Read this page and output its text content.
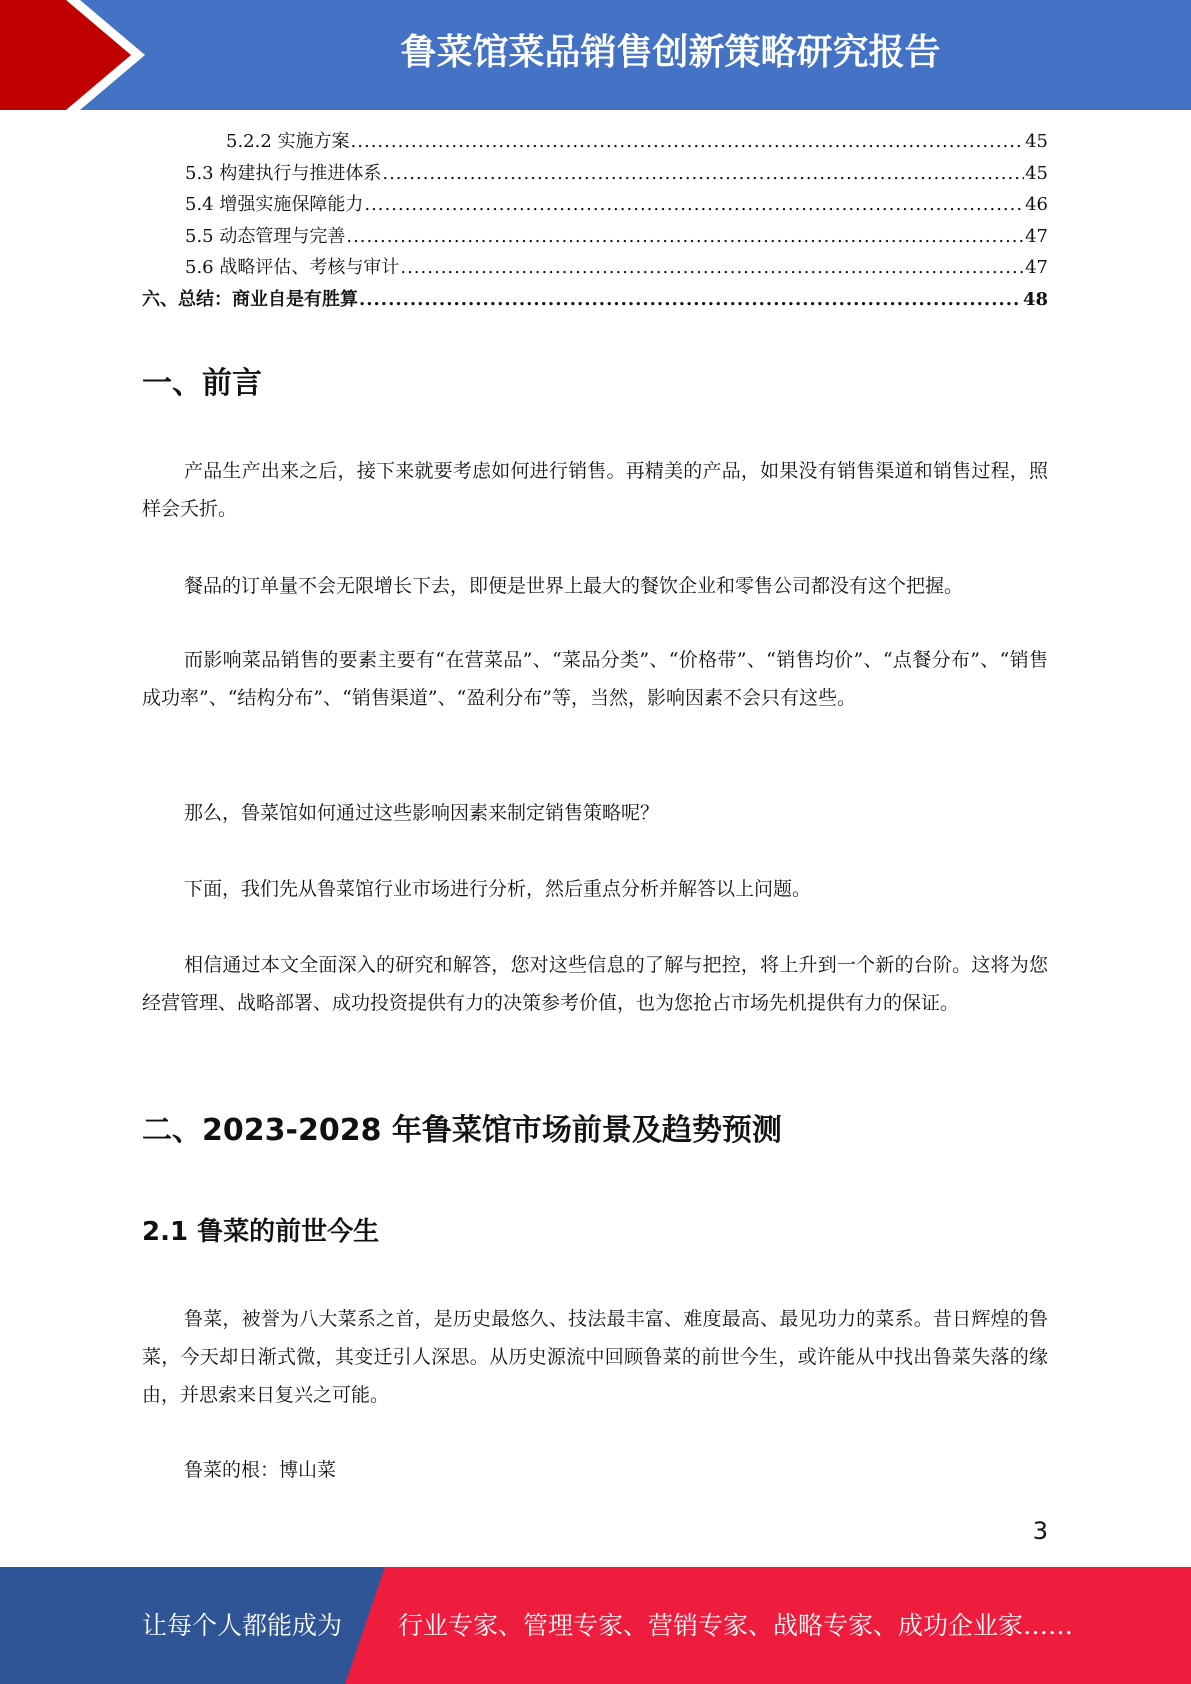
鲁菜馆菜品销售创新策略研究报告
5.2.2 实施方案 .....	45
5.3 构建执行与推进体系 .....	45
5.4 增强实施保障能力 .....	46
5.5 动态管理与完善 .....	47
5.6 战略评估、考核与审计 .....	47
六、总结：商业自是有胜算 .....	48
一、前言

产品生产出来之后，接下来就要考虑如何进行销售。再精美的产品，如果没有销售渠道和销售过程，照样会夭折。

餐品的订单量不会无限增长下去，即便是世界上最大的餐饮企业和零售公司都没有这个把握。

而影响菜品销售的要素主要有“在营菜品”、“菜品分类”、“价格带”、“销售均价”、“点餐分布”、“销售成功率”、“结构分布”、“销售渠道”、“盈利分布”等，当然，影响因素不会只有这些。

那么，鲁菜馆如何通过这些影响因素来制定销售策略呢？

下面，我们先从鲁菜馆行业市场进行分析，然后重点分析并解答以上问题。

相信通过本文全面深入的研究和解答，您对这些信息的了解与把控，将上升到一个新的台阶。这将为您经营管理、战略部署、成功投资提供有力的决策参考价值，也为您抢占市场先机提供有力的保证。

二、2023-2028 年鲁菜馆市场前景及趋势预测
2.1 鲁菜的前世今生

鲁菜，被誉为八大菜系之首，是历史最悠久、技法最丰富、难度最高、最见功力的菜系。昔日辉煌的鲁菜，今天却日渐式微，其变迁引人深思。从历史源流中回顾鲁菜的前世今生，或许能从中找出鲁菜失落的缘由，并思索来日复兴之可能。

鲁菜的根：博山菜

3
让每个人都能成为 行业专家、管理专家、营销专家、战略专家、成功企业家……
